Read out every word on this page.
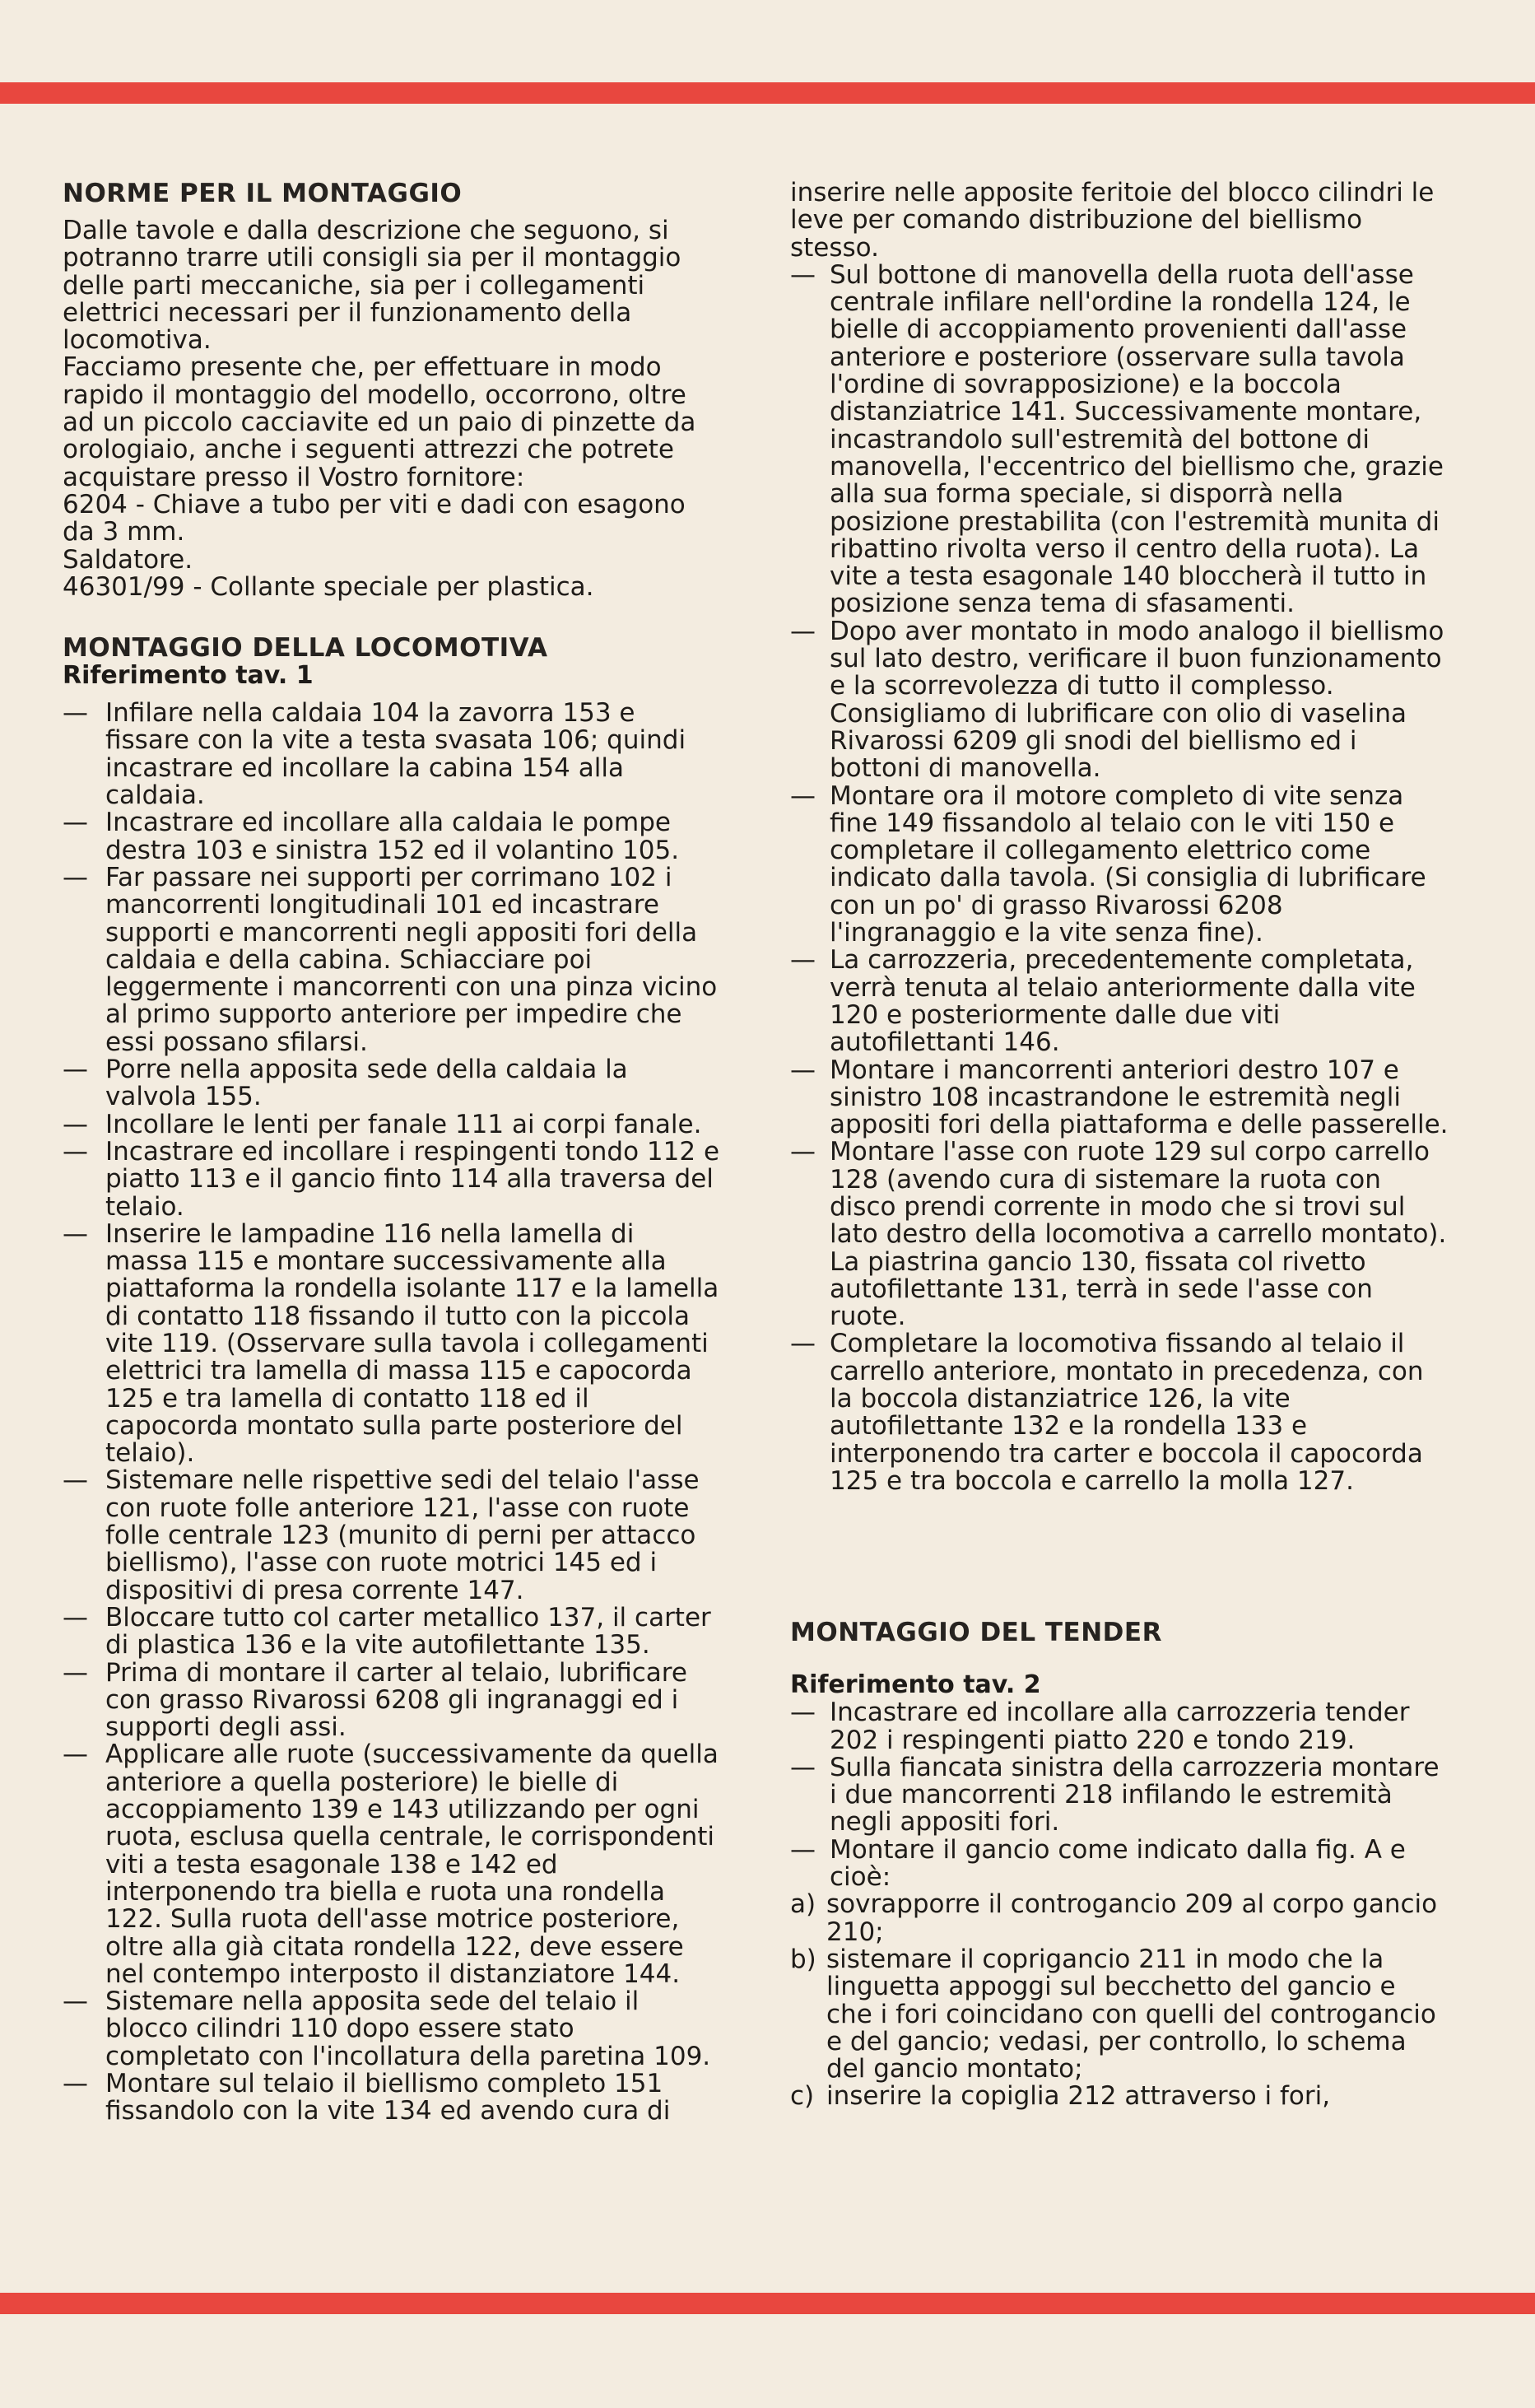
NORME PER IL MONTAGGIO

Dalle tavole e dalla descrizione che seguono, si potranno trarre utili consigli sia per il montaggio delle parti meccaniche, sia per i collegamenti elettrici necessari per il funzionamento della locomotiva.

Facciamo presente che, per effettuare in modo rapido il montaggio del modello, occorrono, oltre ad un piccolo cacciavite ed un paio di pinzette da orologiaio, anche i seguenti attrezzi che potrete acquistare presso il Vostro fornitore:

6204 - Chiave a tubo per viti e dadi con esagono da 3 mm.

Saldatore.

46301/99 - Collante speciale per plastica.

MONTAGGIO DELLA LOCOMOTIVA
Riferimento tav. 1
— Infilare nella caldaia 104 la zavorra 153 e fissare con la vite a testa svasata 106; quindi incastrare ed incollare la cabina 154 alla caldaia.
— Incastrare ed incollare alla caldaia le pompe destra 103 e sinistra 152 ed il volantino 105.
— Far passare nei supporti per corrimano 102 i mancorrenti longitudinali 101 ed incastrare supporti e mancorrenti negli appositi fori della caldaia e della cabina. Schiacciare poi leggermente i mancorrenti con una pinza vicino al primo supporto anteriore per impedire che essi possano sfilarsi.
— Porre nella apposita sede della caldaia la valvola 155.
— Incollare le lenti per fanale 111 ai corpi fanale.
— Incastrare ed incollare i respingenti tondo 112 e piatto 113 e il gancio finto 114 alla traversa del telaio.
— Inserire le lampadine 116 nella lamella di massa 115 e montare successivamente alla piattaforma la rondella isolante 117 e la lamella di contatto 118 fissando il tutto con la piccola vite 119. (Osservare sulla tavola i collegamenti elettrici tra lamella di massa 115 e capocorda 125 e tra lamella di contatto 118 ed il capocorda montato sulla parte posteriore del telaio).
— Sistemare nelle rispettive sedi del telaio l'asse con ruote folle anteriore 121, l'asse con ruote folle centrale 123 (munito di perni per attacco biellismo), l'asse con ruote motrici 145 ed i dispositivi di presa corrente 147.
— Bloccare tutto col carter metallico 137, il carter di plastica 136 e la vite autofilettante 135.
— Prima di montare il carter al telaio, lubrificare con grasso Rivarossi 6208 gli ingranaggi ed i supporti degli assi.
— Applicare alle ruote (successivamente da quella anteriore a quella posteriore) le bielle di accoppiamento 139 e 143 utilizzando per ogni ruota, esclusa quella centrale, le corrispondenti viti a testa esagonale 138 e 142 ed interponendo tra biella e ruota una rondella 122. Sulla ruota dell'asse motrice posteriore, oltre alla già citata rondella 122, deve essere nel contempo interposto il distanziatore 144.
— Sistemare nella apposita sede del telaio il blocco cilindri 110 dopo essere stato completato con l'incollatura della paretina 109.
— Montare sul telaio il biellismo completo 151 fissandolo con la vite 134 ed avendo cura di

inserire nelle apposite feritoie del blocco cilindri le leve per comando distribuzione del biellismo stesso.

— Sul bottone di manovella della ruota dell'asse centrale infilare nell'ordine la rondella 124, le bielle di accoppiamento provenienti dall'asse anteriore e posteriore (osservare sulla tavola l'ordine di sovrapposizione) e la boccola distanziatrice 141. Successivamente montare, incastrandolo sull'estremità del bottone di manovella, l'eccentrico del biellismo che, grazie alla sua forma speciale, si disporrà nella posizione prestabilita (con l'estremità munita di ribattino rivolta verso il centro della ruota). La vite a testa esagonale 140 bloccherà il tutto in posizione senza tema di sfasamenti.
— Dopo aver montato in modo analogo il biellismo sul lato destro, verificare il buon funzionamento e la scorrevolezza di tutto il complesso. Consigliamo di lubrificare con olio di vaselina Rivarossi 6209 gli snodi del biellismo ed i bottoni di manovella.
— Montare ora il motore completo di vite senza fine 149 fissandolo al telaio con le viti 150 e completare il collegamento elettrico come indicato dalla tavola. (Si consiglia di lubrificare con un po' di grasso Rivarossi 6208 l'ingranaggio e la vite senza fine).
— La carrozzeria, precedentemente completata, verrà tenuta al telaio anteriormente dalla vite 120 e posteriormente dalle due viti autofilettanti 146.
— Montare i mancorrenti anteriori destro 107 e sinistro 108 incastrandone le estremità negli appositi fori della piattaforma e delle passerelle.
— Montare l'asse con ruote 129 sul corpo carrello 128 (avendo cura di sistemare la ruota con disco prendi corrente in modo che si trovi sul lato destro della locomotiva a carrello montato). La piastrina gancio 130, fissata col rivetto autofilettante 131, terrà in sede l'asse con ruote.
— Completare la locomotiva fissando al telaio il carrello anteriore, montato in precedenza, con la boccola distanziatrice 126, la vite autofilettante 132 e la rondella 133 e interponendo tra carter e boccola il capocorda 125 e tra boccola e carrello la molla 127.
MONTAGGIO DEL TENDER
Riferimento tav. 2
— Incastrare ed incollare alla carrozzeria tender 202 i respingenti piatto 220 e tondo 219.
— Sulla fiancata sinistra della carrozzeria montare i due mancorrenti 218 infilando le estremità negli appositi fori.
— Montare il gancio come indicato dalla fig. A e cioè:
a) sovrapporre il controgancio 209 al corpo gancio 210;
b) sistemare il coprigancio 211 in modo che la linguetta appoggi sul becchetto del gancio e che i fori coincidano con quelli del controgancio e del gancio; vedasi, per controllo, lo schema del gancio montato;
c) inserire la copiglia 212 attraverso i fori,
